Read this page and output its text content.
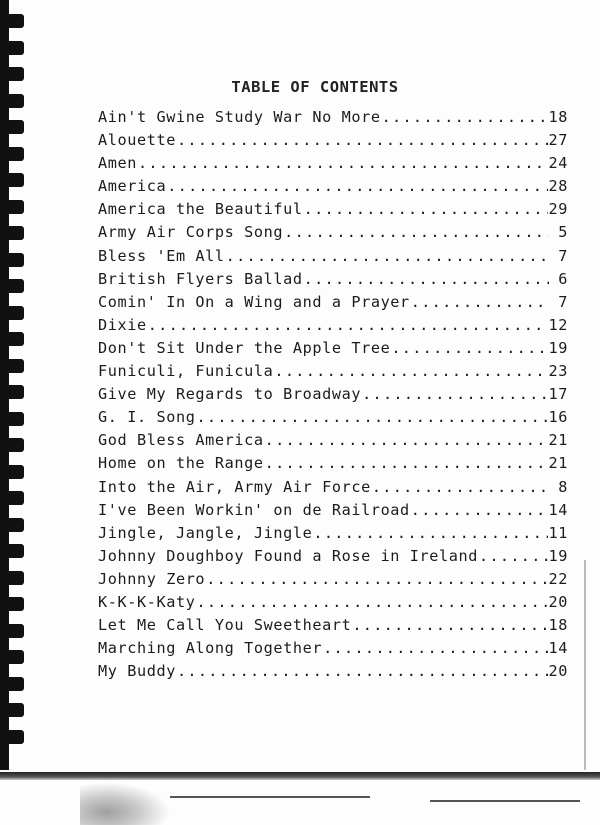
TABLE OF CONTENTS
Ain't Gwine Study War No More .....	18
Alouette .....	27
Amen .....	24
America .....	28
America the Beautiful .....	29
Army Air Corps Song .....	5
Bless 'Em All .....	7
British Flyers Ballad .....	6
Comin' In On a Wing and a Prayer .....	7
Dixie .....	12
Don't Sit Under the Apple Tree .....	19
Funiculi, Funicula .....	23
Give My Regards to Broadway .....	17
G. I. Song .....	16
God Bless America .....	21
Home on the Range .....	21
Into the Air, Army Air Force .....	8
I've Been Workin' on de Railroad .....	14
Jingle, Jangle, Jingle .....	11
Johnny Doughboy Found a Rose in Ireland .....	19
Johnny Zero .....	22
K-K-K-Katy .....	20
Let Me Call You Sweetheart .....	18
Marching Along Together .....	14
My Buddy .....	20
